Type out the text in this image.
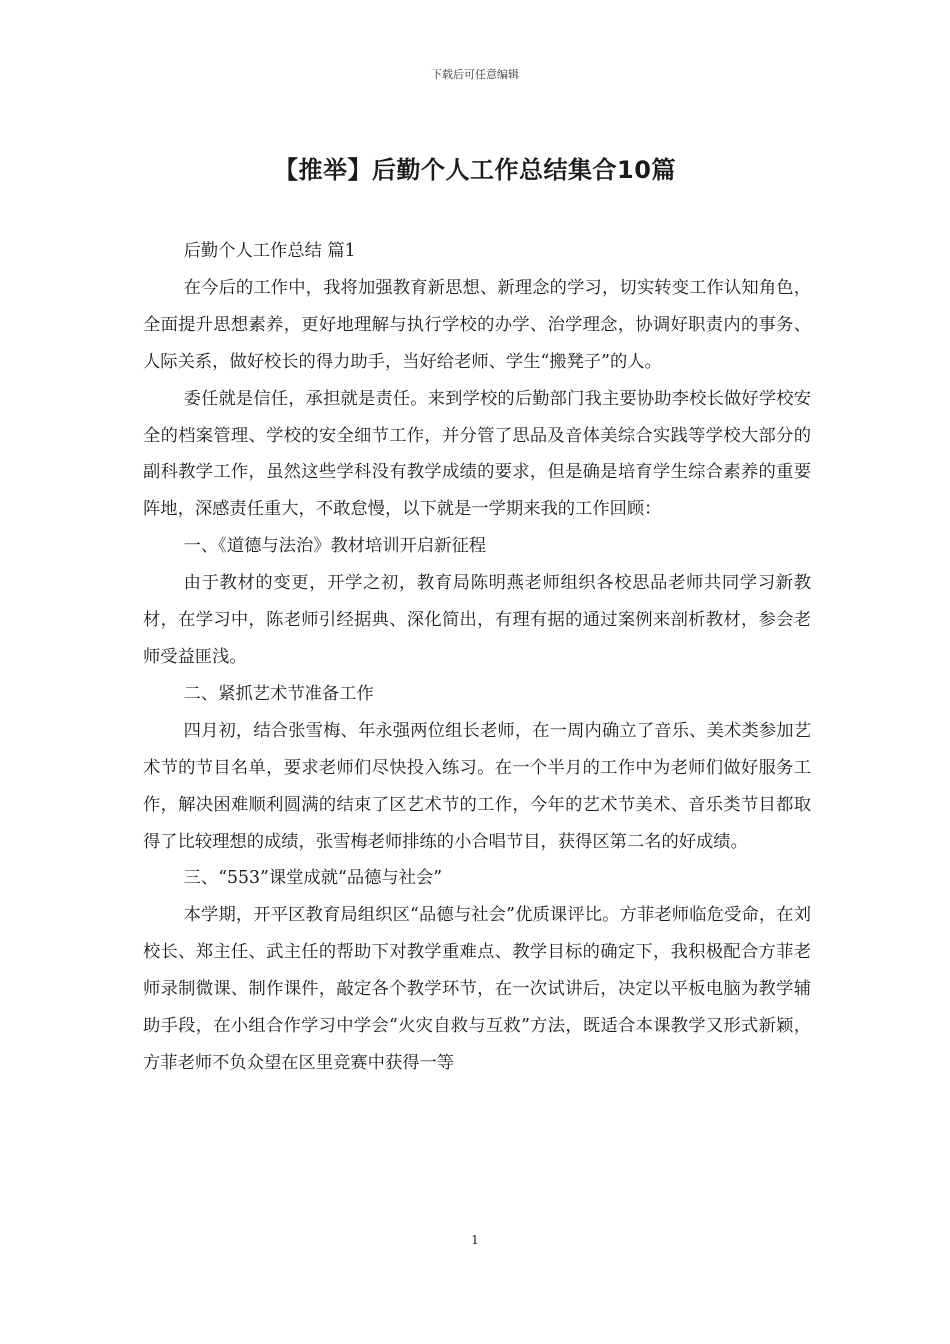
下载后可任意编辑
【推举】后勤个人工作总结集合10篇

后勤个人工作总结 篇1

在今后的工作中，我将加强教育新思想、新理念的学习，切实转变工作认知角色，全面提升思想素养，更好地理解与执行学校的办学、治学理念，协调好职责内的事务、人际关系，做好校长的得力助手，当好给老师、学生“搬凳子”的人。

委任就是信任，承担就是责任。来到学校的后勤部门我主要协助李校长做好学校安全的档案管理、学校的安全细节工作，并分管了思品及音体美综合实践等学校大部分的副科教学工作，虽然这些学科没有教学成绩的要求，但是确是培育学生综合素养的重要阵地，深感责任重大，不敢怠慢，以下就是一学期来我的工作回顾：

一、《道德与法治》教材培训开启新征程

由于教材的变更，开学之初，教育局陈明燕老师组织各校思品老师共同学习新教材，在学习中，陈老师引经据典、深化简出，有理有据的通过案例来剖析教材，参会老师受益匪浅。

二、紧抓艺术节准备工作

四月初，结合张雪梅、年永强两位组长老师，在一周内确立了音乐、美术类参加艺术节的节目名单，要求老师们尽快投入练习。在一个半月的工作中为老师们做好服务工作，解决困难顺利圆满的结束了区艺术节的工作，今年的艺术节美术、音乐类节目都取得了比较理想的成绩，张雪梅老师排练的小合唱节目，获得区第二名的好成绩。

三、“553”课堂成就“品德与社会”

本学期，开平区教育局组织区“品德与社会”优质课评比。方菲老师临危受命，在刘校长、郑主任、武主任的帮助下对教学重难点、教学目标的确定下，我积极配合方菲老师录制微课、制作课件，敲定各个教学环节，在一次试讲后，决定以平板电脑为教学辅助手段，在小组合作学习中学会“火灾自救与互救”方法，既适合本课教学又形式新颖，方菲老师不负众望在区里竞赛中获得一等

1
